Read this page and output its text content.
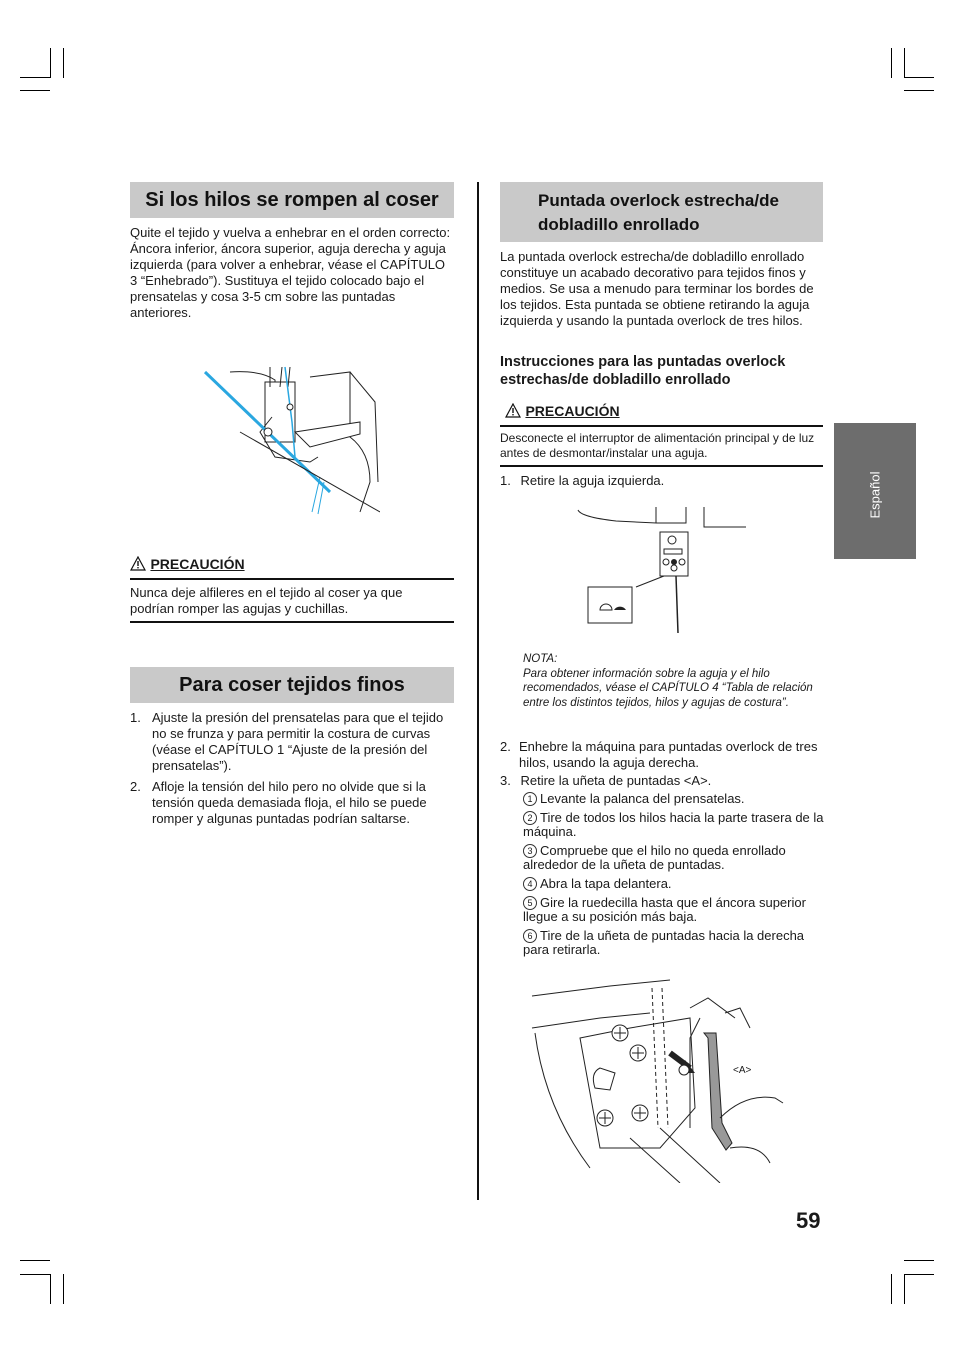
Si los hilos se rompen al coser
Quite el tejido y vuelva a enhebrar en el orden correcto: Áncora inferior, áncora superior, aguja derecha y aguja izquierda (para volver a enhebrar, véase el CAPÍTULO 3 “Enhebrado”). Sustituya el tejido colocado bajo el prensatelas y cosa 3-5 cm sobre las puntadas anteriores.
PRECAUCIÓN
Nunca deje alfileres en el tejido al coser ya que podrían romper las agujas y cuchillas.
Para coser tejidos finos
1. Ajuste la presión del prensatelas para que el tejido no se frunza y para permitir la costura de curvas (véase el CAPÍTULO 1 “Ajuste de la presión del prensatelas”).
2. Afloje la tensión del hilo pero no olvide que si la tensión queda demasiada floja, el hilo se puede romper y algunas puntadas podrían saltarse.
Puntada overlock estrecha/de
dobladillo enrollado
La puntada overlock estrecha/de dobladillo enrollado constituye un acabado decorativo para tejidos finos y medios. Se usa a menudo para terminar los bordes de los tejidos. Esta puntada se obtiene retirando la aguja izquierda y usando la puntada overlock de tres hilos.
Instrucciones para las puntadas overlock estrechas/de dobladillo enrollado
PRECAUCIÓN
Desconecte el interruptor de alimentación principal y de luz antes de desmontar/instalar una aguja.
1. Retire la aguja izquierda.
NOTA:
Para obtener información sobre la aguja y el hilo recomendados, véase el CAPÍTULO 4 “Tabla de relación entre los distintos tejidos, hilos y agujas de costura”.
2. Enhebre la máquina para puntadas overlock de tres hilos, usando la aguja derecha.
3. Retire la uñeta de puntadas <A>.
1 Levante la palanca del prensatelas.
2 Tire de todos los hilos hacia la parte trasera de la máquina.
3 Compruebe que el hilo no queda enrollado alrededor de la uñeta de puntadas.
4 Abra la tapa delantera.
5 Gire la ruedecilla hasta que el áncora superior llegue a su posición más baja.
6 Tire de la uñeta de puntadas hacia la derecha para retirarla.
<A>
Español
59
